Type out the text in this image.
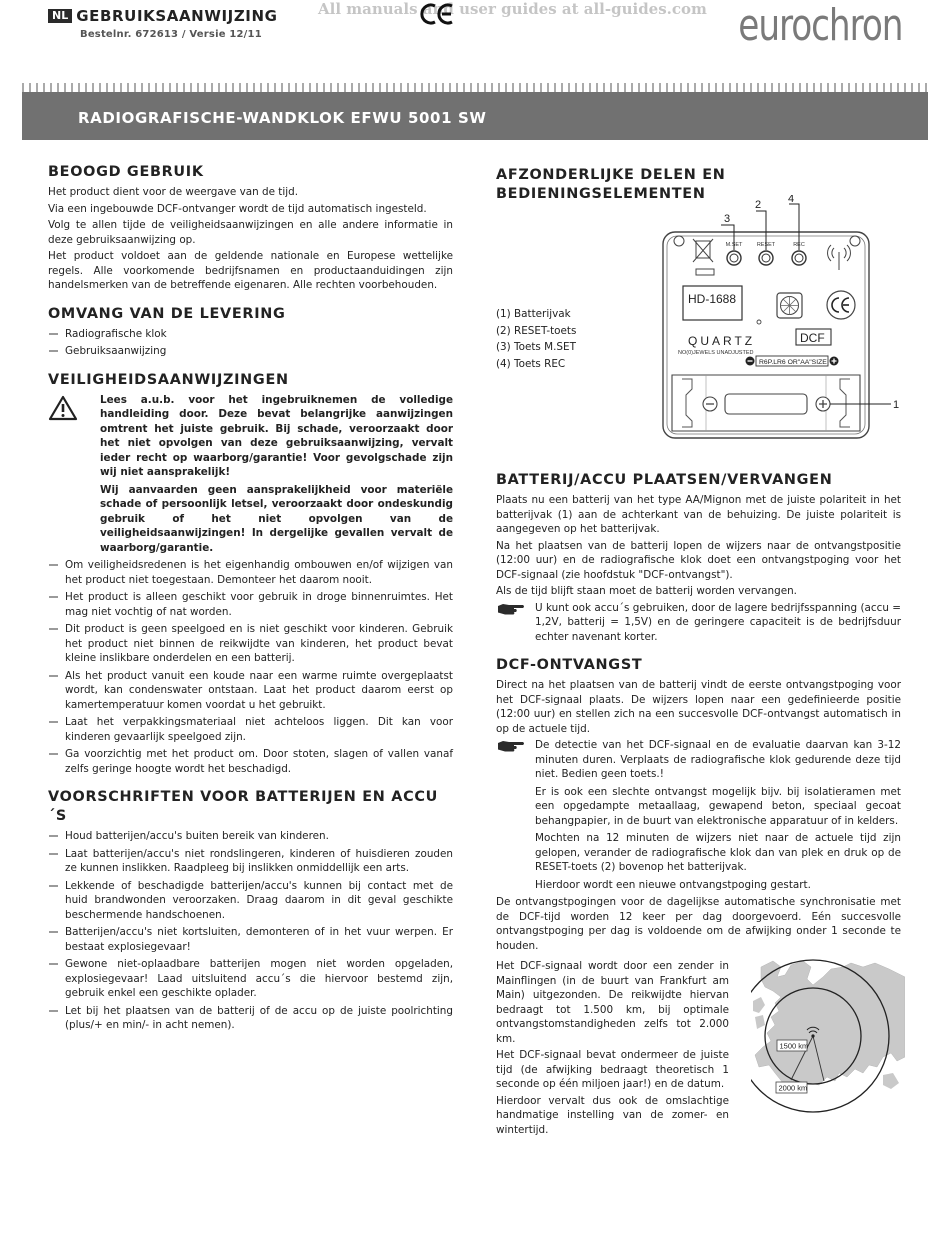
NL GEBRUIKSAANWIJZING
Bestelnr. 672613 / Versie 12/11
All manuals and user guides at all-guides.com eurochron
RADIOGRAFISCHE-WANDKLOK EFWU 5001 SW
BEOOGD GEBRUIK

Het product dient voor de weergave van de tijd.

Via een ingebouwde DCF-ontvanger wordt de tijd automatisch ingesteld.

Volg te allen tijde de veiligheidsaanwijzingen en alle andere informatie in deze gebruiksaanwijzing op.

Het product voldoet aan de geldende nationale en Europese wettelijke regels. Alle voorkomende bedrijfsnamen en productaanduidingen zijn handelsmerken van de betreffende eigenaren. Alle rechten voorbehouden.

OMVANG VAN DE LEVERING
Radiografische klok
Gebruiksaanwijzing
VEILIGHEIDSAANWIJZINGEN

Lees a.u.b. voor het ingebruiknemen de volledige handleiding door. Deze bevat belangrijke aanwijzingen omtrent het juiste gebruik. Bij schade, veroorzaakt door het niet opvolgen van deze gebruiksaanwijzing, vervalt ieder recht op waarborg/garantie! Voor gevolgschade zijn wij niet aansprakelijk!

Wij aanvaarden geen aansprakelijkheid voor materiële schade of persoonlijk letsel, veroorzaakt door ondeskundig gebruik of het niet opvolgen van de veiligheidsaanwijzingen! In dergelijke gevallen vervalt de waarborg/garantie.

Om veiligheidsredenen is het eigenhandig ombouwen en/of wijzigen van het product niet toegestaan. Demonteer het daarom nooit.
Het product is alleen geschikt voor gebruik in droge binnenruimtes. Het mag niet vochtig of nat worden.
Dit product is geen speelgoed en is niet geschikt voor kinderen. Gebruik het product niet binnen de reikwijdte van kinderen, het product bevat kleine inslikbare onderdelen en een batterij.
Als het product vanuit een koude naar een warme ruimte overgeplaatst wordt, kan condenswater ontstaan. Laat het product daarom eerst op kamertemperatuur komen voordat u het gebruikt.
Laat het verpakkingsmateriaal niet achteloos liggen. Dit kan voor kinderen gevaarlijk speelgoed zijn.
Ga voorzichtig met het product om. Door stoten, slagen of vallen vanaf zelfs geringe hoogte wordt het beschadigd.
VOORSCHRIFTEN VOOR BATTERIJEN EN ACCU´S
Houd batterijen/accu's buiten bereik van kinderen.
Laat batterijen/accu's niet rondslingeren, kinderen of huisdieren zouden ze kunnen inslikken. Raadpleeg bij inslikken onmiddellijk een arts.
Lekkende of beschadigde batterijen/accu's kunnen bij contact met de huid brandwonden veroorzaken. Draag daarom in dit geval geschikte beschermende handschoenen.
Batterijen/accu's niet kortsluiten, demonteren of in het vuur werpen. Er bestaat explosiegevaar!
Gewone niet-oplaadbare batterijen mogen niet worden opgeladen, explosiegevaar! Laad uitsluitend accu´s die hiervoor bestemd zijn, gebruik enkel een geschikte oplader.
Let bij het plaatsen van de batterij of de accu op de juiste poolrichting (plus/+ en min/- in acht nemen).
AFZONDERLIJKE DELEN EN BEDIENINGSELEMENTEN
(1) Batterijvak
(2) RESET-toets
(3) Toets M.SET
(4) Toets REC
M.SET	RESET	REC
HD-1688
QUARTZ
NO(0)JEWELS UNADJUSTED
DCF
R6P.LR6 OR"AA"SIZE
3
2 4
1
BATTERIJ/ACCU PLAATSEN/VERVANGEN

Plaats nu een batterij van het type AA/Mignon met de juiste polariteit in het batterijvak (1) aan de achterkant van de behuizing. De juiste polariteit is aangegeven op het batterijvak.

Na het plaatsen van de batterij lopen de wijzers naar de ontvangstpositie (12:00 uur) en de radiografische klok doet een ontvangstpoging voor het DCF-signaal (zie hoofdstuk "DCF-ontvangst").

Als de tijd blijft staan moet de batterij worden vervangen.

U kunt ook accu´s gebruiken, door de lagere bedrijfsspanning (accu = 1,2V, batterij = 1,5V) en de geringere capaciteit is de bedrijfsduur echter navenant korter.

DCF-ONTVANGST

Direct na het plaatsen van de batterij vindt de eerste ontvangstpoging voor het DCF-signaal plaats. De wijzers lopen naar een gedefinieerde positie (12:00 uur) en stellen zich na een succesvolle DCF-ontvangst automatisch in op de actuele tijd.

De detectie van het DCF-signaal en de evaluatie daarvan kan 3-12 minuten duren. Verplaats de radiografische klok gedurende deze tijd niet. Bedien geen toets.!

Er is ook een slechte ontvangst mogelijk bijv. bij isolatieramen met een opgedampte metaallaag, gewapend beton, speciaal gecoat behangpapier, in de buurt van elektronische apparatuur of in kelders.

Mochten na 12 minuten de wijzers niet naar de actuele tijd zijn gelopen, verander de radiografische klok dan van plek en druk op de RESET-toets (2) bovenop het batterijvak.

Hierdoor wordt een nieuwe ontvangstpoging gestart.

De ontvangstpogingen voor de dagelijkse automatische synchronisatie met de DCF-tijd worden 12 keer per dag doorgevoerd. Eén succesvolle ontvangstpoging per dag is voldoende om de afwijking onder 1 seconde te houden.

Het DCF-signaal wordt door een zender in Mainflingen (in de buurt van Frankfurt am Main) uitgezonden. De reikwijdte hiervan bedraagt tot 1.500 km, bij optimale ontvangstomstandigheden zelfs tot 2.000 km.

Het DCF-signaal bevat ondermeer de juiste tijd (de afwijking bedraagt theoretisch 1 seconde op één miljoen jaar!) en de datum.

Hierdoor vervalt dus ook de omslachtige handmatige instelling van de zomer- en wintertijd.

1500 km
2000 km
